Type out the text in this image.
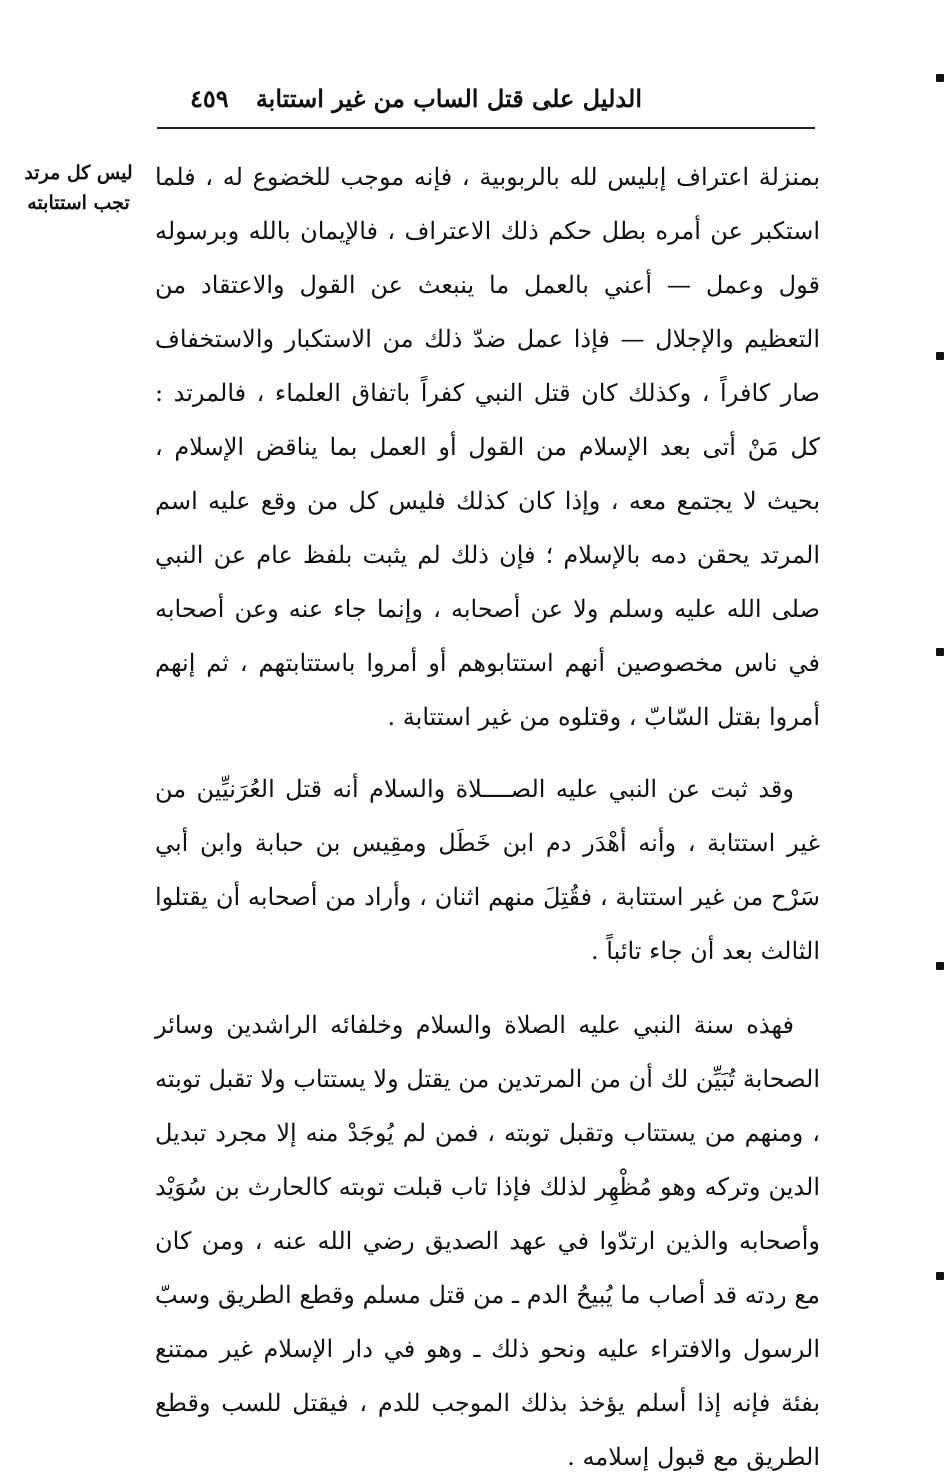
الدليل على قتل الساب من غير استتابة
٤٥٩
ليس كل مرتد
تجب استتابته

بمنزلة اعتراف إبليس لله بالربوبية ، فإنه موجب للخضوع له ، فلما استكبر عن أمره بطل حكم ذلك الاعتراف ، فالإيمان بالله وبرسوله قول وعمل — أعني بالعمل ما ينبعث عن القول والاعتقاد من التعظيم والإجلال — فإذا عمل ضدّ ذلك من الاستكبار والاستخفاف صار كافراً ، وكذلك كان قتل النبي كفراً باتفاق العلماء ، فالمرتد : كل مَنْ أتى بعد الإسلام من القول أو العمل بما يناقض الإسلام ، بحيث لا يجتمع معه ، وإذا كان كذلك فليس كل من وقع عليه اسم المرتد يحقن دمه بالإسلام ؛ فإن ذلك لم يثبت بلفظ عام عن النبي صلى الله عليه وسلم ولا عن أصحابه ، وإنما جاء عنه وعن أصحابه في ناس مخصوصين أنهم استتابوهم أو أمروا باستتابتهم ، ثم إنهم أمروا بقتل السّابّ ، وقتلوه من غير استتابة .

وقد ثبت عن النبي عليه الصــــلاة والسلام أنه قتل العُرَنيِّين من غير استتابة ، وأنه أهْدَر دم ابن خَطَل ومقِيس بن حبابة وابن أبي سَرْح من غير استتابة ، فقُتِلَ منهم اثنان ، وأراد من أصحابه أن يقتلوا الثالث بعد أن جاء تائباً .

فهذه سنة النبي عليه الصلاة والسلام وخلفائه الراشدين وسائر الصحابة تُبَيِّن لك أن من المرتدين من يقتل ولا يستتاب ولا تقبل توبته ، ومنهم من يستتاب وتقبل توبته ، فمن لم يُوجَدْ منه إلا مجرد تبديل الدين وتركه وهو مُظْهِر لذلك فإذا تاب قبلت توبته كالحارث بن سُوَيْد وأصحابه والذين ارتدّوا في عهد الصديق رضي الله عنه ، ومن كان مع ردته قد أصاب ما يُبيحُ الدم ـ من قتل مسلم وقطع الطريق وسبّ الرسول والافتراء عليه ونحو ذلك ـ وهو في دار الإسلام غير ممتنع بفئة فإنه إذا أسلم يؤخذ بذلك الموجب للدم ، فيقتل للسب وقطع الطريق مع قبول إسلامه .
